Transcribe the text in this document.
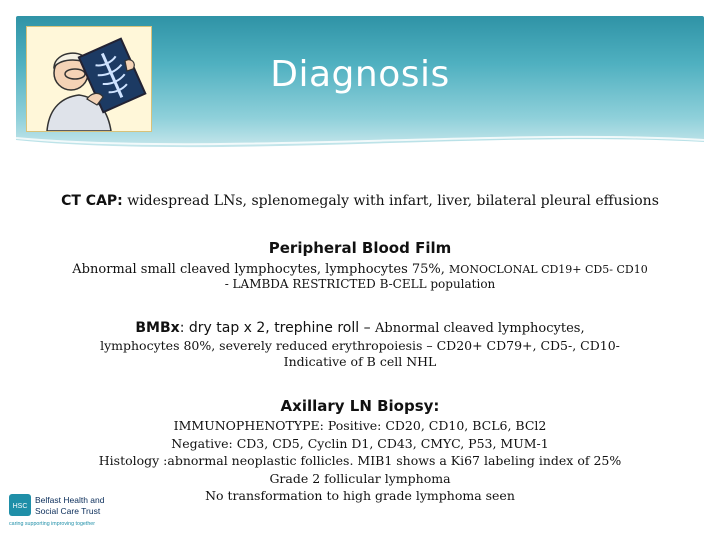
Diagnosis
CT CAP: widespread LNs, splenomegaly with infart, liver, bilateral pleural effusions
Peripheral Blood Film
Abnormal small cleaved lymphocytes, lymphocytes 75%, MONOCLONAL CD19+ CD5- CD10
- LAMBDA RESTRICTED B-CELL population
BMBx: dry tap x 2, trephine roll – Abnormal cleaved lymphocytes,
lymphocytes 80%, severely reduced erythropoiesis – CD20+ CD79+, CD5-, CD10-
Indicative of B cell NHL
Axillary LN Biopsy:
IMMUNOPHENOTYPE: Positive: CD20, CD10, BCL6, BCl2
Negative: CD3, CD5, Cyclin D1, CD43, CMYC, P53, MUM-1
Histology :abnormal neoplastic follicles. MIB1 shows a Ki67 labeling index of 25%
Grade 2 follicular lymphoma
No transformation to high grade lymphoma seen
HSC
Belfast Health and
Social Care Trust
caring supporting improving together
